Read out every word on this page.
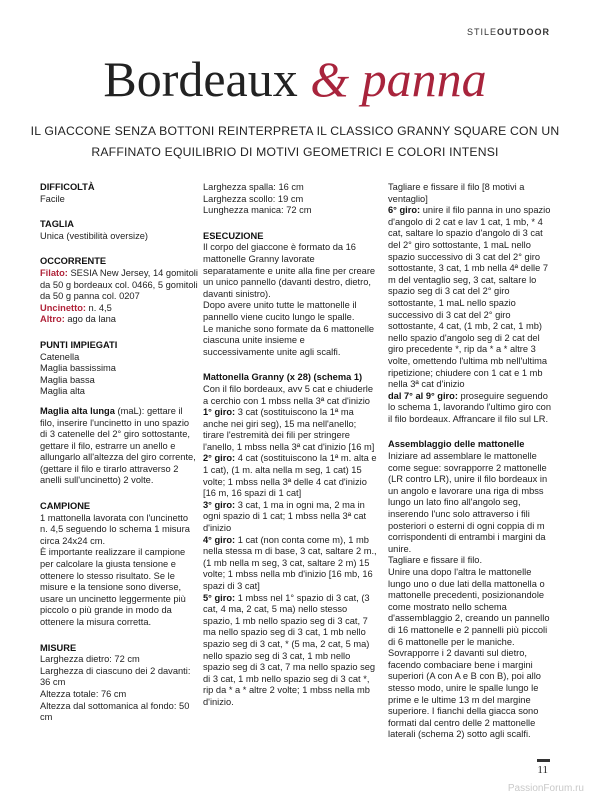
STILEOUTDOOR
Bordeaux & panna
IL GIACCONE SENZA BOTTONI REINTERPRETA IL CLASSICO GRANNY SQUARE CON UN RAFFINATO EQUILIBRIO DI MOTIVI GEOMETRICI E COLORI INTENSI

DIFFICOLTÀ

Facile

TAGLIA

Unica (vestibilità oversize)

OCCORRENTE

Filato: SESIA New Jersey, 14 gomitoli da 50 g bordeaux col. 0466, 5 gomitoli da 50 g panna col. 0207

Uncinetto: n. 4,5

Altro: ago da lana

PUNTI IMPIEGATI

Catenella

Maglia bassissima

Maglia bassa

Maglia alta

Maglia alta lunga (maL): gettare il filo, inserire l'uncinetto in uno spazio di 3 catenelle del 2° giro sottostante, gettare il filo, estrarre un anello e allungarlo all'altezza del giro corrente, (gettare il filo e tirarlo attraverso 2 anelli sull'uncinetto) 2 volte.

CAMPIONE

1 mattonella lavorata con l'uncinetto n. 4,5 seguendo lo schema 1 misura circa 24x24 cm.

È importante realizzare il campione per calcolare la giusta tensione e ottenere lo stesso risultato. Se le misure e la tensione sono diverse, usare un uncinetto leggermente più piccolo o più grande in modo da ottenere la misura corretta.

MISURE

Larghezza dietro: 72 cm

Larghezza di ciascuno dei 2 davanti: 36 cm

Altezza totale: 76 cm

Altezza dal sottomanica al fondo: 50 cm

Larghezza spalla: 16 cm

Larghezza scollo: 19 cm

Lunghezza manica: 72 cm

ESECUZIONE

Il corpo del giaccone è formato da 16 mattonelle Granny lavorate separatamente e unite alla fine per creare un unico pannello (davanti destro, dietro, davanti sinistro).

Dopo avere unito tutte le mattonelle il pannello viene cucito lungo le spalle.

Le maniche sono formate da 6 mattonelle ciascuna unite insieme e successivamente unite agli scalfi.

Mattonella Granny (x 28) (schema 1)

Con il filo bordeaux, avv 5 cat e chiuderle a cerchio con 1 mbss nella 3ª cat d'inizio

1° giro: 3 cat (sostituiscono la 1ª ma anche nei giri seg), 15 ma nell'anello; tirare l'estremità dei fili per stringere l'anello, 1 mbss nella 3ª cat d'inizio [16 m]

2° giro: 4 cat (sostituiscono la 1ª m. alta e 1 cat), (1 m. alta nella m seg, 1 cat) 15 volte; 1 mbss nella 3ª delle 4 cat d'inizio [16 m, 16 spazi di 1 cat]

3° giro: 3 cat, 1 ma in ogni ma, 2 ma in ogni spazio di 1 cat; 1 mbss nella 3ª cat d'inizio

4° giro: 1 cat (non conta come m), 1 mb nella stessa m di base, 3 cat, saltare 2 m., (1 mb nella m seg, 3 cat, saltare 2 m) 15 volte; 1 mbss nella mb d'inizio [16 mb, 16 spazi di 3 cat]

5° giro: 1 mbss nel 1° spazio di 3 cat, (3 cat, 4 ma, 2 cat, 5 ma) nello stesso spazio, 1 mb nello spazio seg di 3 cat, 7 ma nello spazio seg di 3 cat, 1 mb nello spazio seg di 3 cat, * (5 ma, 2 cat, 5 ma) nello spazio seg di 3 cat, 1 mb nello spazio seg di 3 cat, 7 ma nello spazio seg di 3 cat, 1 mb nello spazio seg di 3 cat *, rip da * a * altre 2 volte; 1 mbss nella mb d'inizio.

Tagliare e fissare il filo [8 motivi a ventaglio]

6° giro: unire il filo panna in uno spazio d'angolo di 2 cat e lav 1 cat, 1 mb, * 4 cat, saltare lo spazio d'angolo di 3 cat del 2° giro sottostante, 1 maL nello spazio successivo di 3 cat del 2° giro sottostante, 3 cat, 1 mb nella 4ª delle 7 m del ventaglio seg, 3 cat, saltare lo spazio seg di 3 cat del 2° giro sottostante, 1 maL nello spazio successivo di 3 cat del 2° giro sottostante, 4 cat, (1 mb, 2 cat, 1 mb) nello spazio d'angolo seg di 2 cat del giro precedente *, rip da * a * altre 3 volte, omettendo l'ultima mb nell'ultima ripetizione; chiudere con 1 cat e 1 mb nella 3ª cat d'inizio

dal 7° al 9° giro: proseguire seguendo lo schema 1, lavorando l'ultimo giro con il filo bordeaux. Affrancare il filo sul LR.

Assemblaggio delle mattonelle

Iniziare ad assemblare le mattonelle come segue: sovrapporre 2 mattonelle (LR contro LR), unire il filo bordeaux in un angolo e lavorare una riga di mbss lungo un lato fino all'angolo seg, inserendo l'unc solo attraverso i fili posteriori o esterni di ogni coppia di m corrispondenti di entrambi i margini da unire.

Tagliare e fissare il filo.

Unire una dopo l'altra le mattonelle lungo uno o due lati della mattonella o mattonelle precedenti, posizionandole come mostrato nello schema d'assemblaggio 2, creando un pannello di 16 mattonelle e 2 pannelli più piccoli di 6 mattonelle per le maniche. Sovrapporre i 2 davanti sul dietro, facendo combaciare bene i margini superiori (A con A e B con B), poi allo stesso modo, unire le spalle lungo le prime e le ultime 13 m del margine superiore. I fianchi della giacca sono formati dal centro delle 2 mattonelle laterali (schema 2) sotto agli scalfi.

11
PassionForum.ru
